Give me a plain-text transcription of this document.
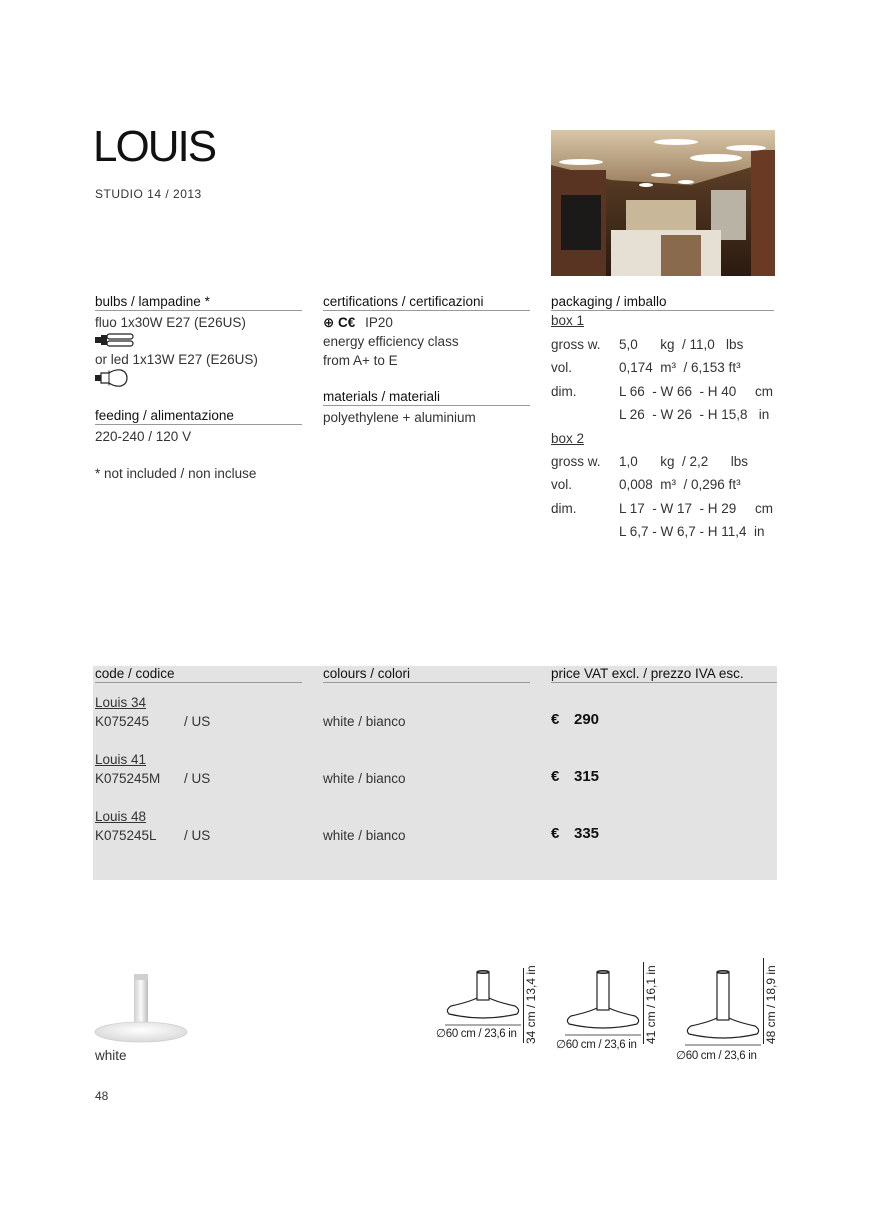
LOUIS
STUDIO 14 / 2013
bulbs / lampadine *
fluo 1x30W E27 (E26US)
or led 1x13W E27 (E26US)
feeding / alimentazione
220-240 / 120 V
* not included / non incluse
certifications / certificazioni
⊕ C€ IP20
energy efficiency class
from A+ to E
materials / materiali
polyethylene + aluminium
packaging / imballo
box 1
gross w. 5,0      kg  / 11,0   lbs
vol.	0,174  m³  / 6,153 ft³
dim.	L 66  - W 66  - H 40     cm
L 26  - W 26  - H 15,8   in
box 2
gross w. 1,0      kg  / 2,2      lbs
vol.	0,008  m³  / 0,296 ft³
dim.	L 17  - W 17  - H 29     cm
L 6,7 - W 6,7 - H 11,4  in
code / codice	colours / colori	price VAT excl. / prezzo IVA esc.
Louis 34
K075245	/ US	white / bianco	€ 290
Louis 41
K075245M / US	white / bianco	€ 315
Louis 48
K075245L / US	white / bianco	€ 335
white
∅60 cm / 23,6 in 34 cm / 13,4 in
∅60 cm / 23,6 in
41 cm / 16,1 in
∅60 cm / 23,6 in
48 cm / 18,9 in
48
